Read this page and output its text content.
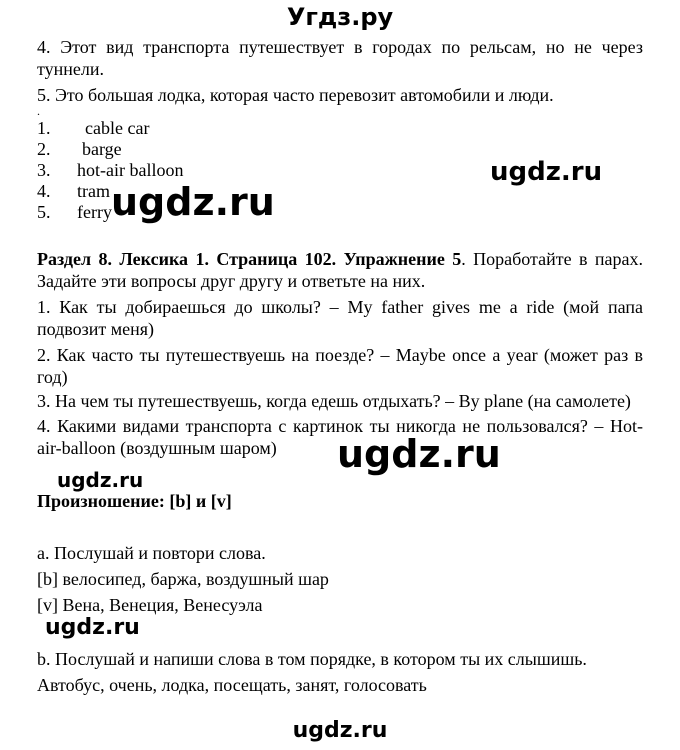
Угдз.ру
4. Этот вид транспорта путешествует в городах по рельсам, но не через туннели.
5. Это большая лодка, которая часто перевозит автомобили и люди.
.
1. cable car
2. barge
3. hot-air balloon
4. tram
5. ferry
ugdz.ru
ugdz.ru
Раздел 8. Лексика 1. Страница 102. Упражнение 5. Поработайте в парах. Задайте эти вопросы друг другу и ответьте на них.
1. Как ты добираешься до школы? – My father gives me a ride (мой папа подвозит меня)
2. Как часто ты путешествуешь на поезде? – Maybe once a year (может раз в год)
3. На чем ты путешествуешь, когда едешь отдыхать? – By plane (на самолете)
4. Какими видами транспорта с картинок ты никогда не пользовался? – Hot-air-balloon (воздушным шаром)	ugdz.ru
ugdz.ru
Произношение: [b] и [v]
a. Послушай и повтори слова.
[b] велосипед, баржа, воздушный шар
[v] Вена, Венеция, Венесуэла
ugdz.ru
b. Послушай и напиши слова в том порядке, в котором ты их слышишь.
Автобус, очень, лодка, посещать, занят, голосовать
ugdz.ru
